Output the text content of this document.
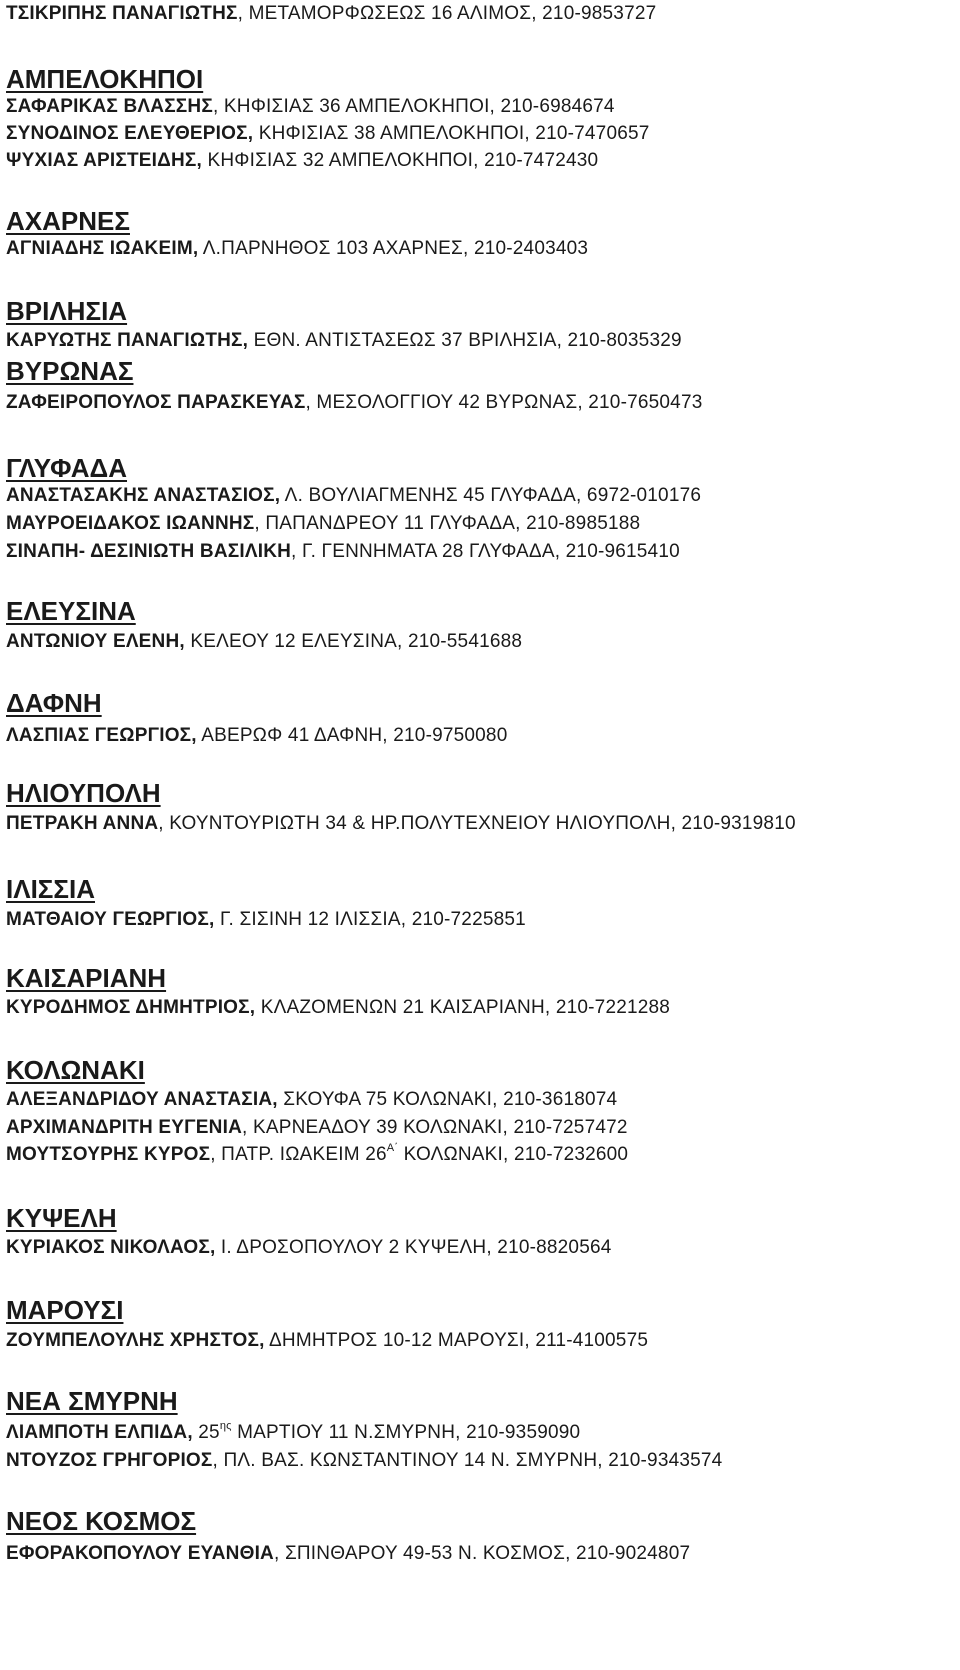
ΤΣΙΚΡΙΠΗΣ ΠΑΝΑΓΙΩΤΗΣ, ΜΕΤΑΜΟΡΦΩΣΕΩΣ 16 ΑΛΙΜΟΣ, 210-9853727
ΑΜΠΕΛΟΚΗΠΟΙ
ΣΑΦΑΡΙΚΑΣ ΒΛΑΣΣΗΣ, ΚΗΦΙΣΙΑΣ 36 ΑΜΠΕΛΟΚΗΠΟΙ, 210-6984674
ΣΥΝΟΔΙΝΟΣ ΕΛΕΥΘΕΡΙΟΣ, ΚΗΦΙΣΙΑΣ 38 ΑΜΠΕΛΟΚΗΠΟΙ, 210-7470657
ΨΥΧΙΑΣ ΑΡΙΣΤΕΙΔΗΣ, ΚΗΦΙΣΙΑΣ 32 ΑΜΠΕΛΟΚΗΠΟΙ, 210-7472430
ΑΧΑΡΝΕΣ
ΑΓΝΙΑΔΗΣ ΙΩΑΚΕΙΜ, Λ.ΠΑΡΝΗΘΟΣ 103 ΑΧΑΡΝΕΣ, 210-2403403
ΒΡΙΛΗΣΙΑ
ΚΑΡΥΩΤΗΣ ΠΑΝΑΓΙΩΤΗΣ, ΕΘΝ. ΑΝΤΙΣΤΑΣΕΩΣ 37 ΒΡΙΛΗΣΙΑ, 210-8035329
ΒΥΡΩΝΑΣ
ΖΑΦΕΙΡΟΠΟΥΛΟΣ ΠΑΡΑΣΚΕΥΑΣ, ΜΕΣΟΛΟΓΓΙΟΥ 42 ΒΥΡΩΝΑΣ, 210-7650473
ΓΛΥΦΑΔΑ
ΑΝΑΣΤΑΣΑΚΗΣ ΑΝΑΣΤΑΣΙΟΣ, Λ. ΒΟΥΛΙΑΓΜΕΝΗΣ 45 ΓΛΥΦΑΔΑ, 6972-010176
ΜΑΥΡΟΕΙΔΑΚΟΣ ΙΩΑΝΝΗΣ, ΠΑΠΑΝΔΡΕΟΥ 11 ΓΛΥΦΑΔΑ, 210-8985188
ΣΙΝΑΠΗ- ΔΕΣΙΝΙΩΤΗ ΒΑΣΙΛΙΚΗ, Γ. ΓΕΝΝΗΜΑΤΑ 28 ΓΛΥΦΑΔΑ, 210-9615410
ΕΛΕΥΣΙΝΑ
ΑΝΤΩΝΙΟΥ ΕΛΕΝΗ, ΚΕΛΕΟΥ 12 ΕΛΕΥΣΙΝΑ, 210-5541688
ΔΑΦΝΗ
ΛΑΣΠΙΑΣ ΓΕΩΡΓΙΟΣ, ΑΒΕΡΩΦ 41 ΔΑΦΝΗ, 210-9750080
ΗΛΙΟΥΠΟΛΗ
ΠΕΤΡΑΚΗ ΑΝΝΑ, ΚΟΥΝΤΟΥΡΙΩΤΗ 34 & ΗΡ.ΠΟΛΥΤΕΧΝΕΙΟΥ ΗΛΙΟΥΠΟΛΗ, 210-9319810
ΙΛΙΣΣΙΑ
ΜΑΤΘΑΙΟΥ ΓΕΩΡΓΙΟΣ, Γ. ΣΙΣΙΝΗ 12 ΙΛΙΣΣΙΑ, 210-7225851
ΚΑΙΣΑΡΙΑΝΗ
ΚΥΡΟΔΗΜΟΣ ΔΗΜΗΤΡΙΟΣ, ΚΛΑΖΟΜΕΝΩΝ 21 ΚΑΙΣΑΡΙΑΝΗ, 210-7221288
ΚΟΛΩΝΑΚΙ
ΑΛΕΞΑΝΔΡΙΔΟΥ ΑΝΑΣΤΑΣΙΑ, ΣΚΟΥΦΑ 75 ΚΟΛΩΝΑΚΙ, 210-3618074
ΑΡΧΙΜΑΝΔΡΙΤΗ ΕΥΓΕΝΙΑ, ΚΑΡΝΕΑΔΟΥ 39 ΚΟΛΩΝΑΚΙ, 210-7257472
ΜΟΥΤΣΟΥΡΗΣ ΚΥΡΟΣ, ΠΑΤΡ. ΙΩΑΚΕΙΜ $26^{A΄}$ ΚΟΛΩΝΑΚΙ, 210-7232600
ΚΥΨΕΛΗ
ΚΥΡΙΑΚΟΣ ΝΙΚΟΛΑΟΣ, Ι. ΔΡΟΣΟΠΟΥΛΟΥ 2 ΚΥΨΕΛΗ, 210-8820564
ΜΑΡΟΥΣΙ
ΖΟΥΜΠΕΛΟΥΛΗΣ ΧΡΗΣΤΟΣ, ΔΗΜΗΤΡΟΣ 10-12 ΜΑΡΟΥΣΙ, 211-4100575
ΝΕΑ ΣΜΥΡΝΗ
ΛΙΑΜΠΟΤΗ ΕΛΠΙΔΑ, $25^{\eta\varsigma}$ ΜΑΡΤΙΟΥ 11 Ν.ΣΜΥΡΝΗ, 210-9359090
ΝΤΟΥΖΟΣ ΓΡΗΓΟΡΙΟΣ, ΠΛ. ΒΑΣ. ΚΩΝΣΤΑΝΤΙΝΟΥ 14 Ν. ΣΜΥΡΝΗ, 210-9343574
ΝΕΟΣ ΚΟΣΜΟΣ
ΕΦΟΡΑΚΟΠΟΥΛΟΥ ΕΥΑΝΘΙΑ, ΣΠΙΝΘΑΡΟΥ 49-53 Ν. ΚΟΣΜΟΣ, 210-9024807
